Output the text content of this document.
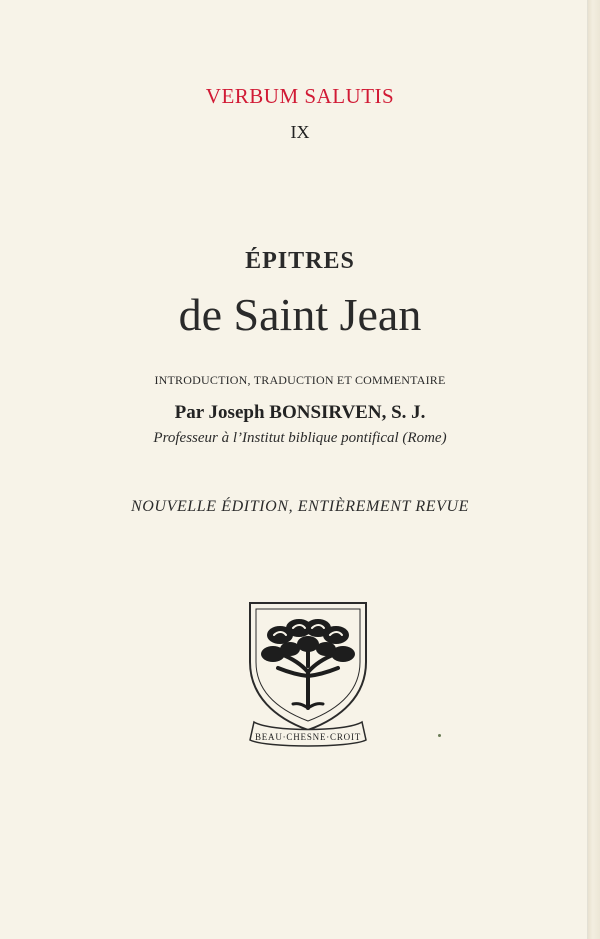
VERBUM SALUTIS
IX
ÉPITRES
de Saint Jean
INTRODUCTION, TRADUCTION ET COMMENTAIRE
Par Joseph BONSIRVEN, S. J.
Professeur à l’Institut biblique pontifical (Rome)
NOUVELLE ÉDITION, ENTIÈREMENT REVUE
BEAU·CHESNE·CROIT
